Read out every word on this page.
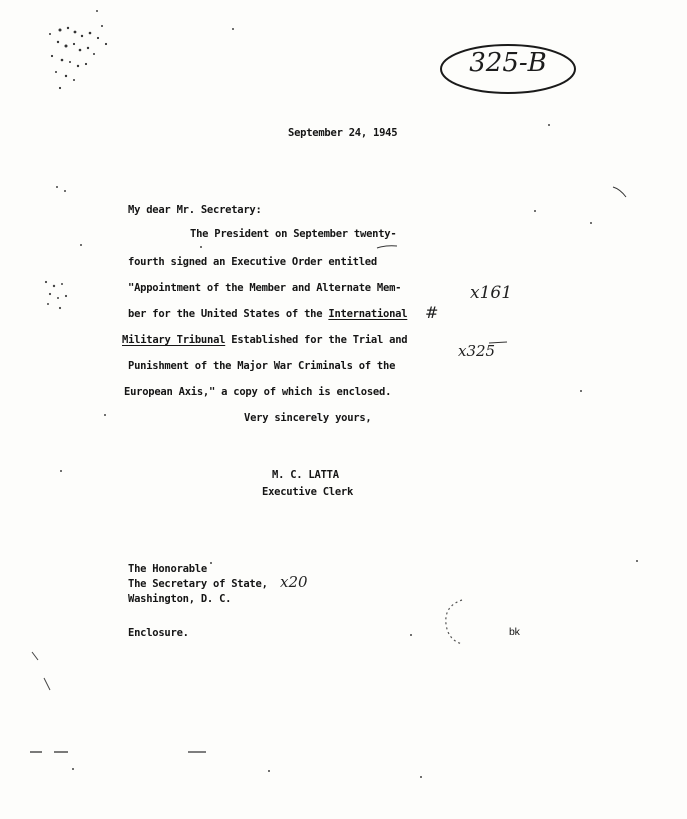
325-B
September 24, 1945
My dear Mr. Secretary:
The President on September twenty-
fourth signed an Executive Order entitled
"Appointment of the Member and Alternate Mem-
ber for the United States of the International
Military Tribunal Established for the Trial and
Punishment of the Major War Criminals of the
European Axis," a copy of which is enclosed.
Very sincerely yours,
M. C. LATTA
Executive Clerk
The Honorable
The Secretary of State,
Washington, D. C.
Enclosure.	bk
x161
x325
x20
#
